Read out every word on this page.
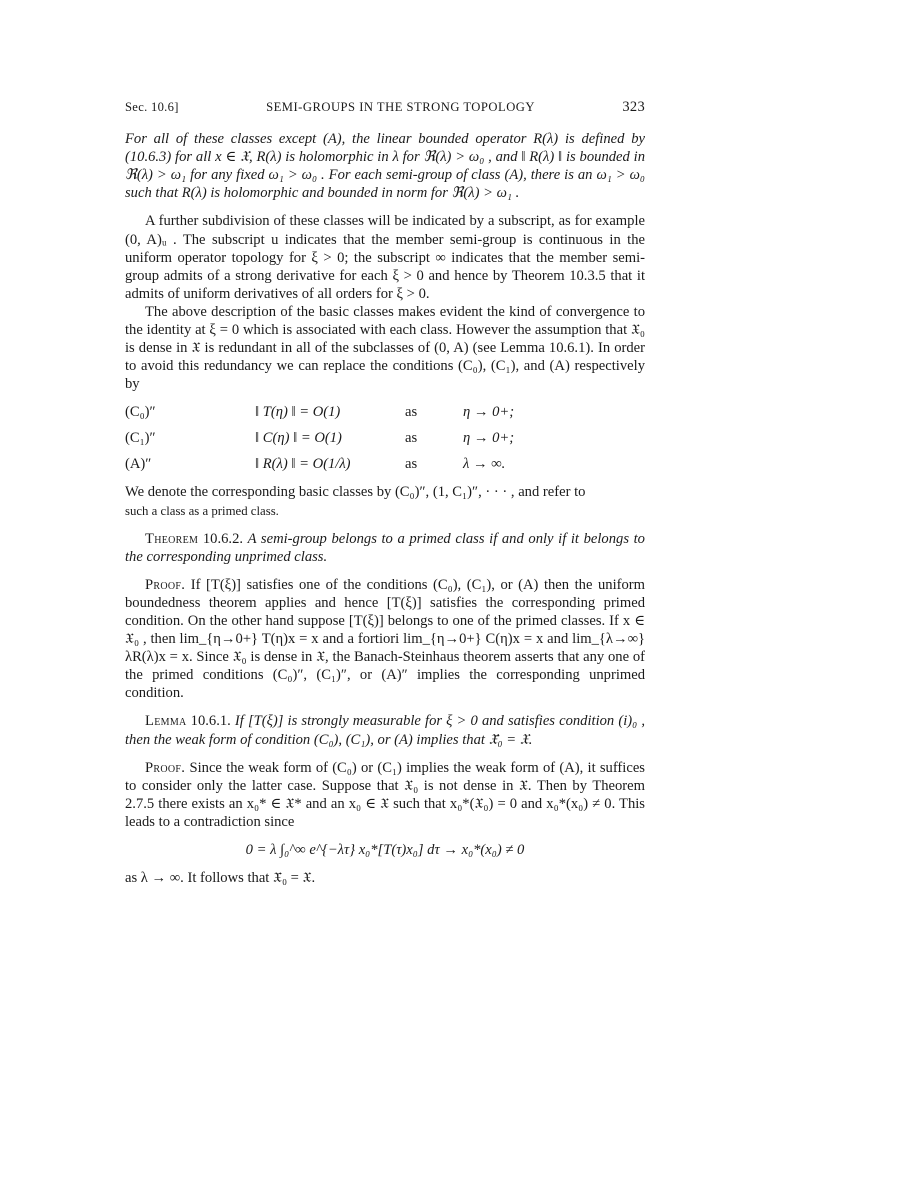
Sec. 10.6]	SEMI-GROUPS IN THE STRONG TOPOLOGY	323

For all of these classes except (A), the linear bounded operator R(λ) is defined by (10.6.3) for all x ∈ 𝔛, R(λ) is holomorphic in λ for ℜ(λ) > ω₀ , and ‖ R(λ) ‖ is bounded in ℜ(λ) > ω₁ for any fixed ω₁ > ω₀ . For each semi-group of class (A), there is an ω₁ > ω₀ such that R(λ) is holomorphic and bounded in norm for ℜ(λ) > ω₁ .

A further subdivision of these classes will be indicated by a subscript, as for example (0, A)ᵤ . The subscript u indicates that the member semi-group is continuous in the uniform operator topology for ξ > 0; the subscript ∞ indicates that the member semi-group admits of a strong derivative for each ξ > 0 and hence by Theorem 10.3.5 that it admits of uniform derivatives of all orders for ξ > 0.

The above description of the basic classes makes evident the kind of convergence to the identity at ξ = 0 which is associated with each class. However the assumption that 𝔛₀ is dense in 𝔛 is redundant in all of the subclasses of (0, A) (see Lemma 10.6.1). In order to avoid this redundancy we can replace the conditions (C₀), (C₁), and (A) respectively by

(C₀)″	‖ T(η) ‖ = O(1)	as	η → 0+;
(C₁)″	‖ C(η) ‖ = O(1)	as	η → 0+;
(A)″	‖ R(λ) ‖ = O(1/λ)	as	λ → ∞.

We denote the corresponding basic classes by (C₀)″, (1, C₁)″, · · · , and refer to
such a class as a primed class.

Theorem 10.6.2. A semi-group belongs to a primed class if and only if it belongs to the corresponding unprimed class.

Proof. If [T(ξ)] satisfies one of the conditions (C₀), (C₁), or (A) then the uniform boundedness theorem applies and hence [T(ξ)] satisfies the corresponding primed condition. On the other hand suppose [T(ξ)] belongs to one of the primed classes. If x ∈ 𝔛₀ , then lim_{η→0+} T(η)x = x and a fortiori lim_{η→0+} C(η)x = x and lim_{λ→∞} λR(λ)x = x. Since 𝔛₀ is dense in 𝔛, the Banach-Steinhaus theorem asserts that any one of the primed conditions (C₀)″, (C₁)″, or (A)″ implies the corresponding unprimed condition.

Lemma 10.6.1. If [T(ξ)] is strongly measurable for ξ > 0 and satisfies condition (i)₀ , then the weak form of condition (C₀), (C₁), or (A) implies that 𝔛̄₀ = 𝔛.

Proof. Since the weak form of (C₀) or (C₁) implies the weak form of (A), it suffices to consider only the latter case. Suppose that 𝔛₀ is not dense in 𝔛. Then by Theorem 2.7.5 there exists an x₀* ∈ 𝔛* and an x₀ ∈ 𝔛 such that x₀*(𝔛₀) = 0 and x₀*(x₀) ≠ 0. This leads to a contradiction since

0 = λ ∫₀^∞ e^{−λτ} x₀*[T(τ)x₀] dτ → x₀*(x₀) ≠ 0

as λ → ∞. It follows that 𝔛̄₀ = 𝔛.
